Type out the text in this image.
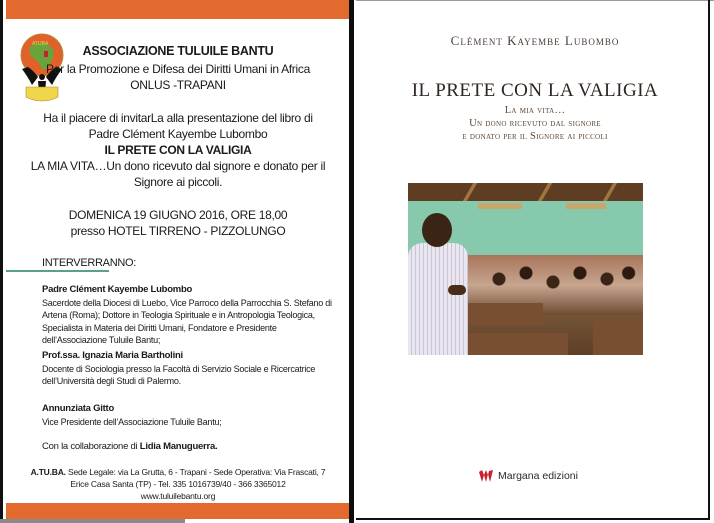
ATUBA	ASSOCIAZIONE TULUILE BANTU
Per la Promozione e Difesa dei Diritti Umani in Africa
ONLUS -TRAPANI
Ha il piacere di invitarLa alla presentazione del libro di
Padre Clément Kayembe Lubombo
IL PRETE CON LA VALIGIA
LA MIA VITA…Un dono ricevuto dal signore e donato per il
Signore ai piccoli.
DOMENICA 19 GIUGNO 2016, ORE 18,00
presso HOTEL TIRRENO - PIZZOLUNGO
INTERVERRANNO:
Padre Clément Kayembe Lubombo
Sacerdote della Diocesi di Luebo, Vice Parroco della Parrocchia S. Stefano di Artena (Roma); Dottore in Teologia Spirituale e in Antropologia Teologica, Specialista in Materia dei Diritti Umani, Fondatore e Presidente dell’Associazione Tuluile Bantu;
Prof.ssa. Ignazia Maria Bartholini
Docente di Sociologia presso la Facoltà di Servizio Sociale e Ricercatrice dell’Università degli Studi di Palermo.
Annunziata Gitto
Vice Presidente dell’Associazione Tuluile Bantu;
Con la collaborazione di Lidia Manuguerra.
A.TU.BA. Sede Legale: via La Grutta, 6 - Trapani - Sede Operativa: Via Frascati, 7
Erice Casa Santa (TP) - Tel. 335 1016739/40 - 366 3365012
www.tuluilebantu.org
Clément Kayembe Lubombo
IL PRETE CON LA VALIGIA
La mia vita…
Un dono ricevuto dal signore
e donato per il Signore ai piccoli
Margana edizioni
